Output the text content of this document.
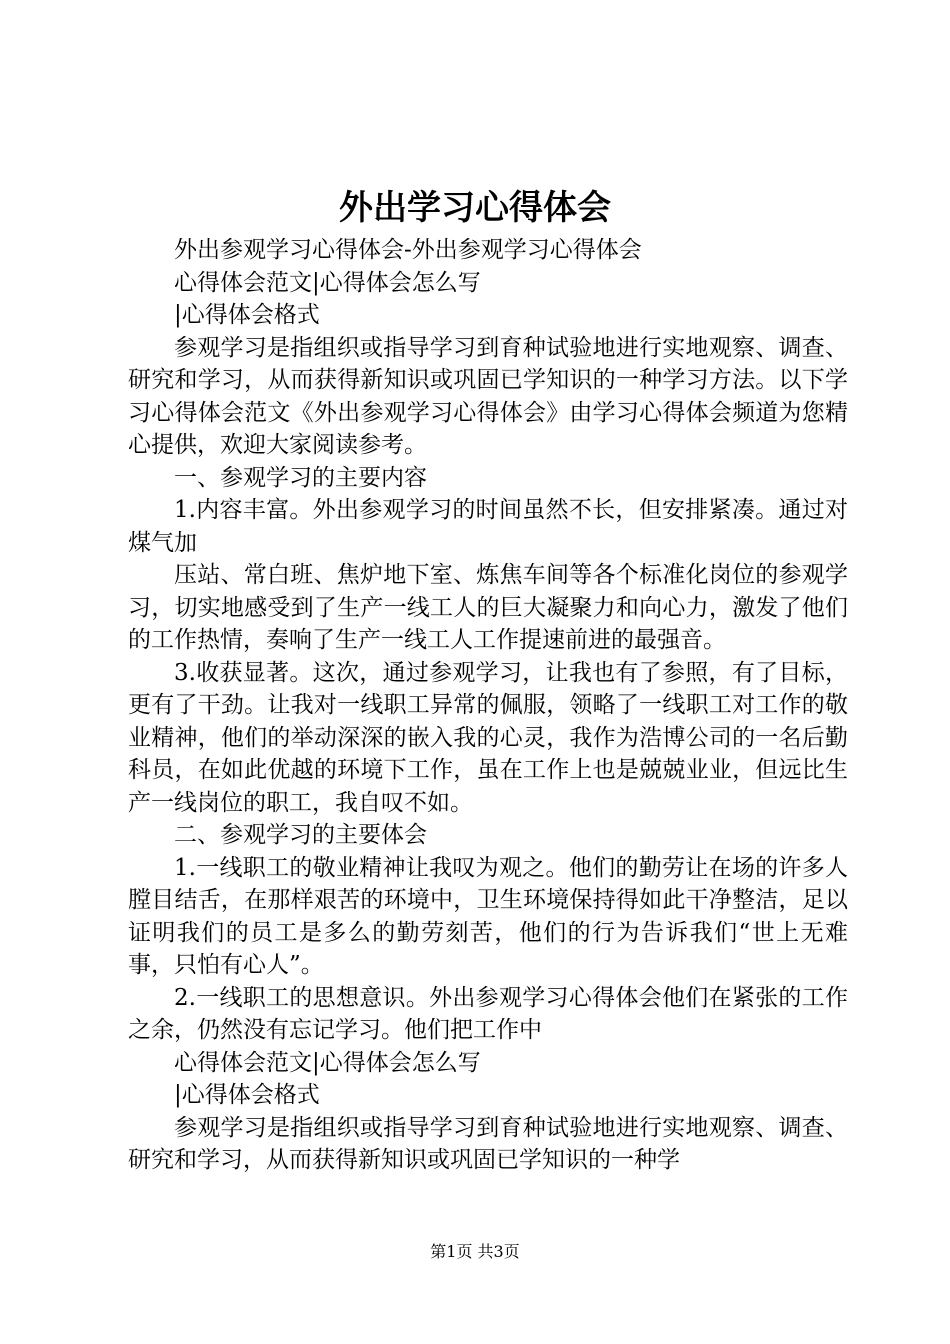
外出学习心得体会

外出参观学习心得体会-外出参观学习心得体会

心得体会范文|心得体会怎么写

|心得体会格式

参观学习是指组织或指导学习到育种试验地进行实地观察、调查、研究和学习，从而获得新知识或巩固已学知识的一种学习方法。以下学习心得体会范文《外出参观学习心得体会》由学习心得体会频道为您精心提供，欢迎大家阅读参考。

一、参观学习的主要内容

1.内容丰富。外出参观学习的时间虽然不长，但安排紧凑。通过对煤气加

压站、常白班、焦炉地下室、炼焦车间等各个标准化岗位的参观学习，切实地感受到了生产一线工人的巨大凝聚力和向心力，激发了他们的工作热情，奏响了生产一线工人工作提速前进的最强音。

3.收获显著。这次，通过参观学习，让我也有了参照，有了目标，更有了干劲。让我对一线职工异常的佩服，领略了一线职工对工作的敬业精神，他们的举动深深的嵌入我的心灵，我作为浩博公司的一名后勤科员，在如此优越的环境下工作，虽在工作上也是兢兢业业，但远比生产一线岗位的职工，我自叹不如。

二、参观学习的主要体会

1.一线职工的敬业精神让我叹为观之。他们的勤劳让在场的许多人膛目结舌，在那样艰苦的环境中，卫生环境保持得如此干净整洁，足以证明我们的员工是多么的勤劳刻苦，他们的行为告诉我们“世上无难事，只怕有心人”。

2.一线职工的思想意识。外出参观学习心得体会他们在紧张的工作之余，仍然没有忘记学习。他们把工作中

心得体会范文|心得体会怎么写

|心得体会格式

参观学习是指组织或指导学习到育种试验地进行实地观察、调查、研究和学习，从而获得新知识或巩固已学知识的一种学

第1页 共3页
